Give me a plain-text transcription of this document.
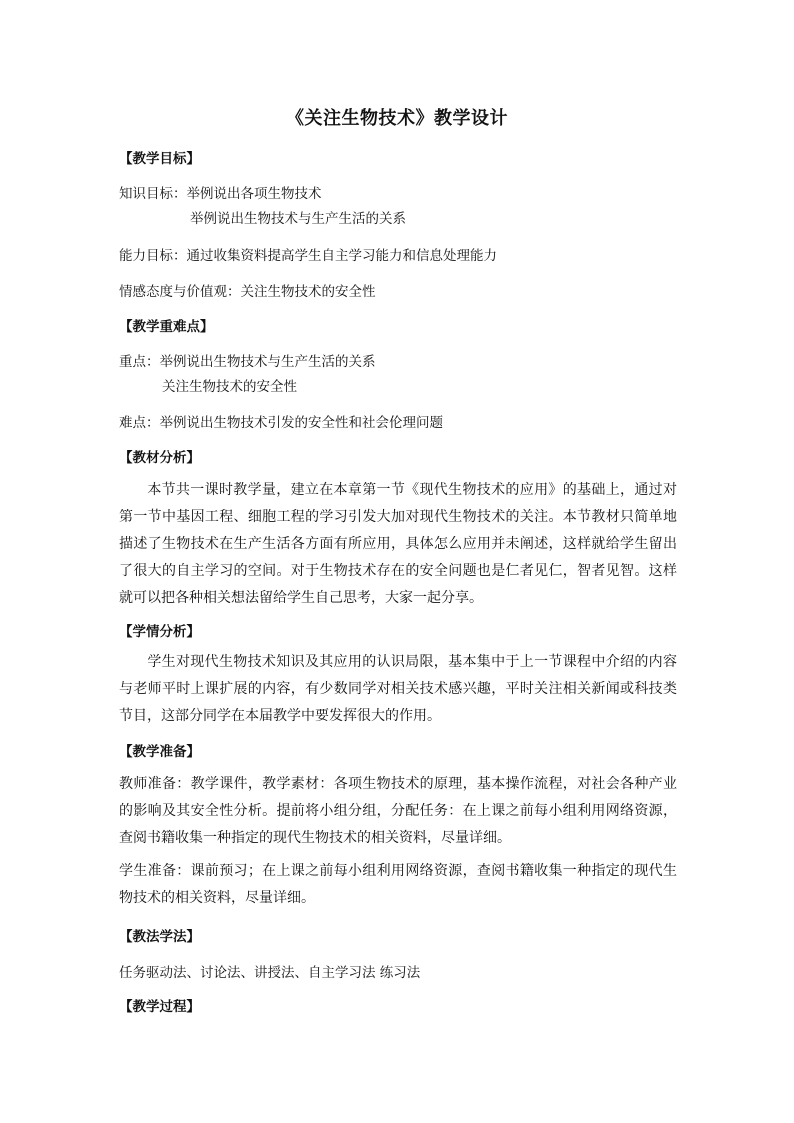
《关注生物技术》教学设计
【教学目标】
知识目标：举例说出各项生物技术
举例说出生物技术与生产生活的关系
能力目标：通过收集资料提高学生自主学习能力和信息处理能力
情感态度与价值观：关注生物技术的安全性
【教学重难点】
重点：举例说出生物技术与生产生活的关系
关注生物技术的安全性
难点：举例说出生物技术引发的安全性和社会伦理问题
【教材分析】
本节共一课时教学量，建立在本章第一节《现代生物技术的应用》的基础上，通过对第一节中基因工程、细胞工程的学习引发大加对现代生物技术的关注。本节教材只简单地描述了生物技术在生产生活各方面有所应用，具体怎么应用并未阐述，这样就给学生留出了很大的自主学习的空间。对于生物技术存在的安全问题也是仁者见仁，智者见智。这样就可以把各种相关想法留给学生自己思考，大家一起分享。
【学情分析】
学生对现代生物技术知识及其应用的认识局限，基本集中于上一节课程中介绍的内容与老师平时上课扩展的内容，有少数同学对相关技术感兴趣，平时关注相关新闻或科技类节目，这部分同学在本届教学中要发挥很大的作用。
【教学准备】
教师准备：教学课件，教学素材：各项生物技术的原理，基本操作流程，对社会各种产业的影响及其安全性分析。提前将小组分组，分配任务：在上课之前每小组利用网络资源，查阅书籍收集一种指定的现代生物技术的相关资料，尽量详细。
学生准备：课前预习；在上课之前每小组利用网络资源，查阅书籍收集一种指定的现代生物技术的相关资料，尽量详细。
【教法学法】
任务驱动法、讨论法、讲授法、自主学习法 练习法
【教学过程】
